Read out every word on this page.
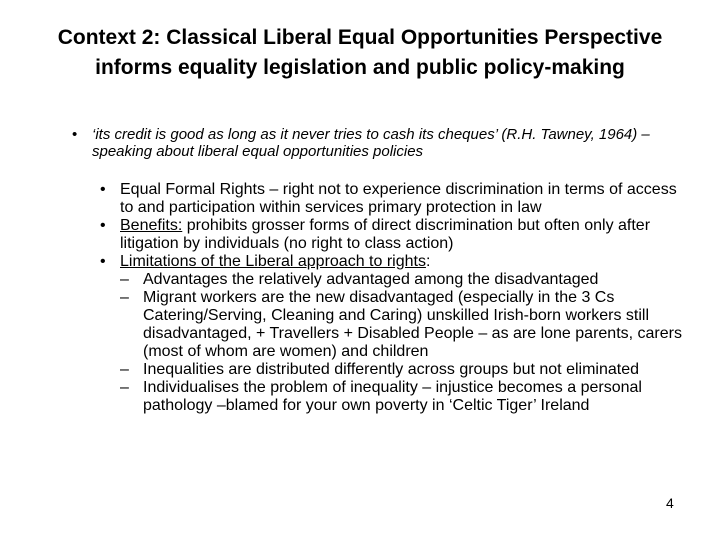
Context 2: Classical Liberal Equal Opportunities Perspective informs equality legislation and public policy-making
• ‘its credit is good as long as it never tries to cash its cheques’ (R.H. Tawney, 1964) – speaking about liberal equal opportunities policies
• Equal Formal Rights – right not to experience discrimination in terms of access to and participation within services primary protection in law
• Benefits: prohibits grosser forms of direct discrimination but often only after litigation by individuals (no right to class action)
• Limitations of the Liberal approach to rights:
– Advantages the relatively advantaged among the disadvantaged
– Migrant workers are the new disadvantaged (especially in the 3 Cs Catering/Serving, Cleaning and Caring) unskilled Irish-born workers still disadvantaged, + Travellers + Disabled People – as are lone parents, carers (most of whom are women) and children
– Inequalities are distributed differently across groups but not eliminated
– Individualises the problem of inequality – injustice becomes a personal pathology –blamed for your own poverty in ‘Celtic Tiger’ Ireland
4
